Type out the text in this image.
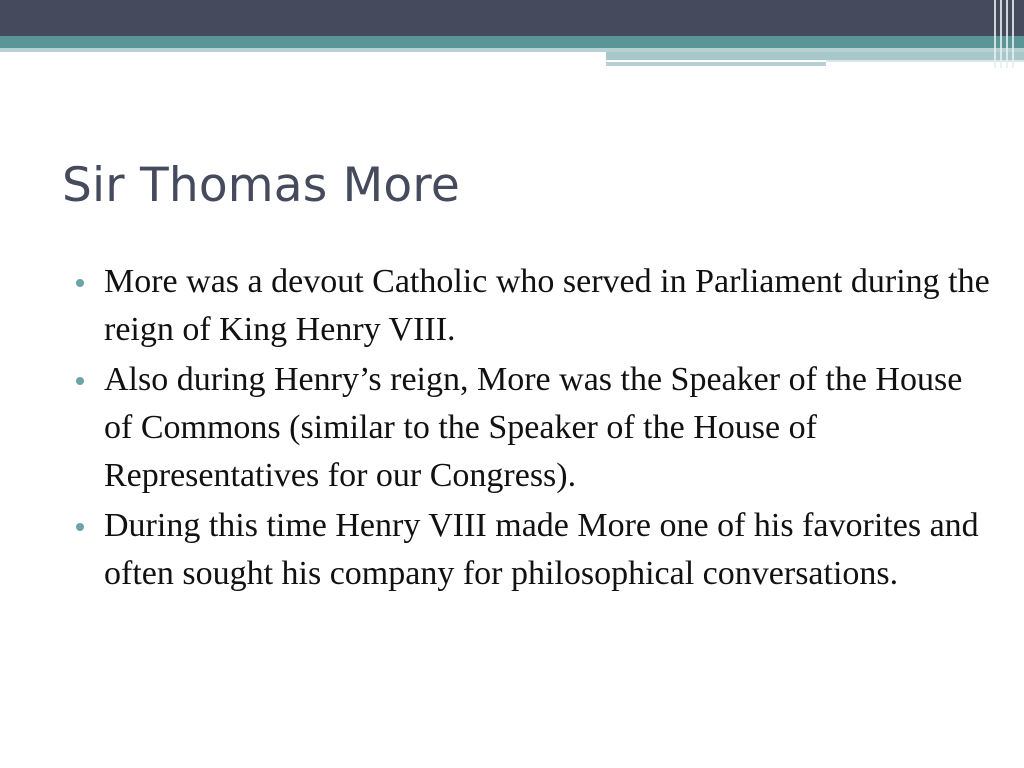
Sir Thomas More
More was a devout Catholic who served in Parliament during the reign of King Henry VIII.
Also during Henry’s reign, More was the Speaker of the House of Commons (similar to the Speaker of the House of Representatives for our Congress).
During this time Henry VIII made More one of his favorites and often sought his company for philosophical conversations.
